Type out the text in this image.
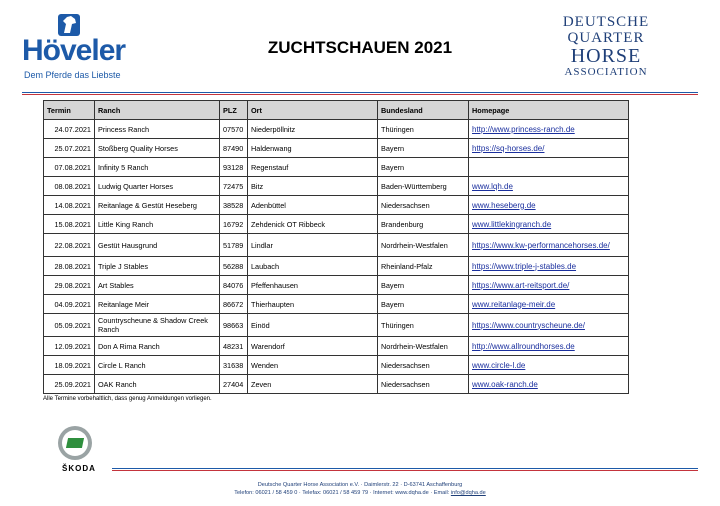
Höveler
Dem Pferde das Liebste
ZUCHTSCHAUEN 2021
DEUTSCHE
QUARTER
HORSE
ASSOCIATION
Termin	Ranch	PLZ	Ort	Bundesland	Homepage
24.07.2021	Princess Ranch	07570	Niederpöllnitz	Thüringen	http://www.princess-ranch.de
25.07.2021	Stoßberg Quality Horses	87490	Haldenwang	Bayern	https://sq-horses.de/
07.08.2021	Infinity 5 Ranch	93128	Regenstauf	Bayern	
08.08.2021	Ludwig Quarter Horses	72475	Bitz	Baden-Württemberg	www.lqh.de
14.08.2021	Reitanlage & Gestüt Heseberg	38528	Adenbüttel	Niedersachsen	www.heseberg.de
15.08.2021	Little King Ranch	16792	Zehdenick OT Ribbeck	Brandenburg	www.littlekingranch.de
22.08.2021	Gestüt Hausgrund	51789	Lindlar	Nordrhein-Westfalen	https://www.kw-performancehorses.de/
28.08.2021	Triple J Stables	56288	Laubach	Rheinland-Pfalz	https://www.triple-j-stables.de
29.08.2021	Art Stables	84076	Pfeffenhausen	Bayern	https://www.art-reitsport.de/
04.09.2021	Reitanlage Meir	86672	Thierhaupten	Bayern	www.reitanlage-meir.de
05.09.2021	Countryscheune & Shadow Creek Ranch	98663	Einöd	Thüringen	https://www.countryscheune.de/
12.09.2021	Don A Rima Ranch	48231	Warendorf	Nordrhein-Westfalen	http://www.allroundhorses.de
18.09.2021	Circle L Ranch	31638	Wenden	Niedersachsen	www.circle-l.de
25.09.2021	OAK Ranch	27404	Zeven	Niedersachsen	www.oak-ranch.de
Alle Termine vorbehaltlich, dass genug Anmeldungen vorliegen.
ŠKODA
Deutsche Quarter Horse Association e.V. · Daimlerstr. 22 · D-63741 Aschaffenburg
Telefon: 06021 / 58 459 0 · Telefax: 06021 / 58 459 79 · Internet: www.dqha.de · Email: info@dqha.de
